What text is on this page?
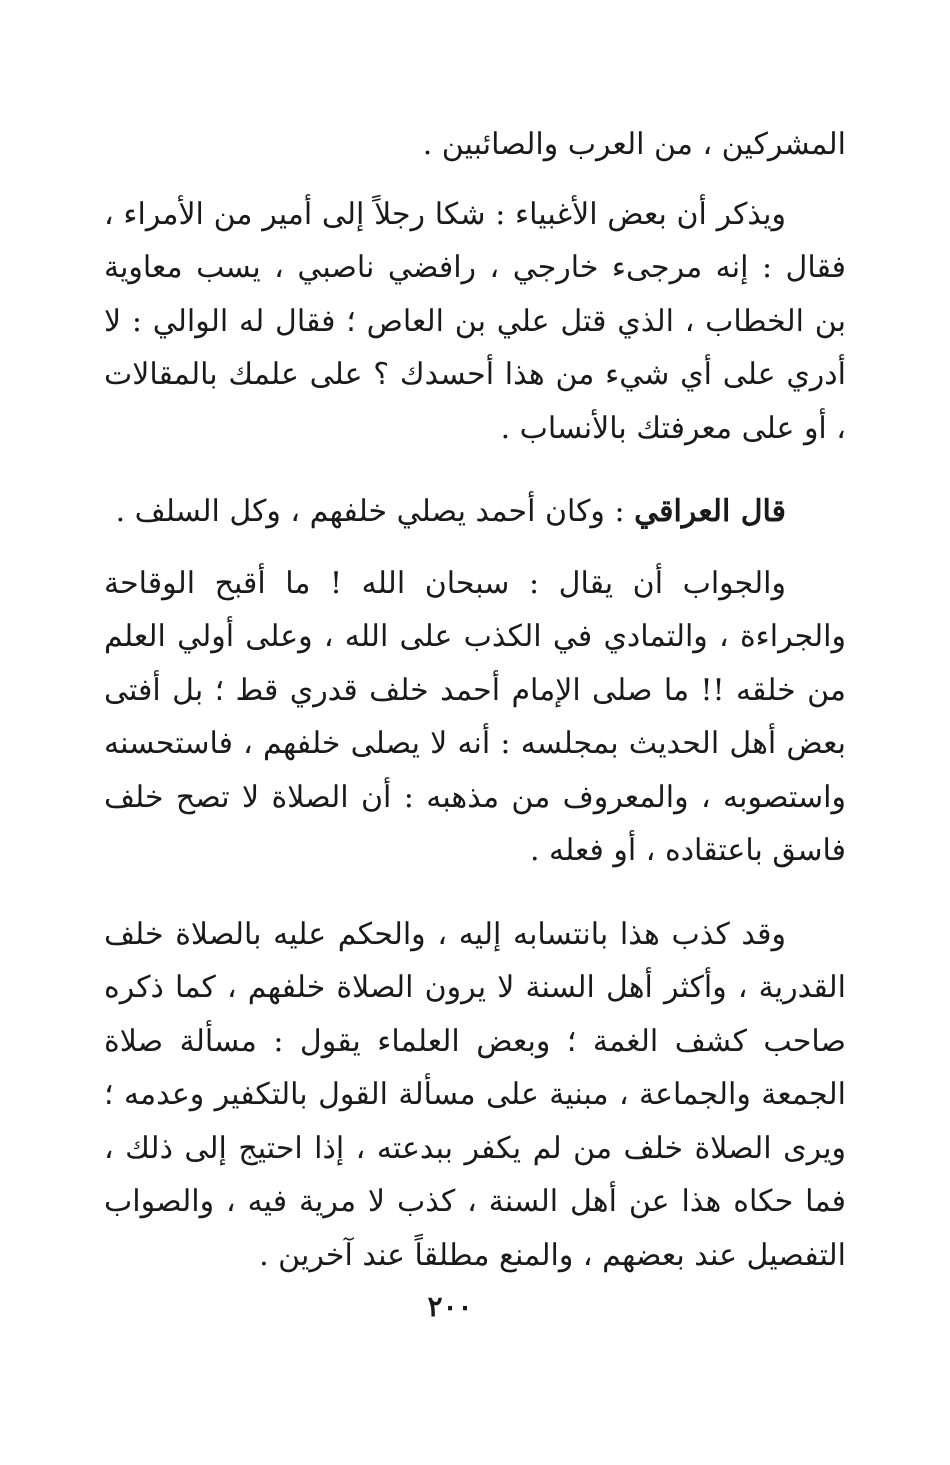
المشركين ، من العرب والصائبين .

ويذكر أن بعض الأغبياء : شكا رجلاً إلى أمير من الأمراء ، فقال : إنه مرجىء خارجي ، رافضي ناصبي ، يسب معاوية بن الخطاب ، الذي قتل علي بن العاص ؛ فقال له الوالي : لا أدري على أي شيء من هذا أحسدك ؟ على علمك بالمقالات ، أو على معرفتك بالأنساب .

قال العراقي : وكان أحمد يصلي خلفهم ، وكل السلف .

والجواب أن يقال : سبحان الله ! ما أقبح الوقاحة والجراءة ، والتمادي في الكذب على الله ، وعلى أولي العلم من خلقه !! ما صلى الإمام أحمد خلف قدري قط ؛ بل أفتى بعض أهل الحديث بمجلسه : أنه لا يصلى خلفهم ، فاستحسنه واستصوبه ، والمعروف من مذهبه : أن الصلاة لا تصح خلف فاسق باعتقاده ، أو فعله .

وقد كذب هذا بانتسابه إليه ، والحكم عليه بالصلاة خلف القدرية ، وأكثر أهل السنة لا يرون الصلاة خلفهم ، كما ذكره صاحب كشف الغمة ؛ وبعض العلماء يقول : مسألة صلاة الجمعة والجماعة ، مبنية على مسألة القول بالتكفير وعدمه ؛ ويرى الصلاة خلف من لم يكفر ببدعته ، إذا احتيج إلى ذلك ، فما حكاه هذا عن أهل السنة ، كذب لا مرية فيه ، والصواب التفصيل عند بعضهم ، والمنع مطلقاً عند آخرين .

٢٠٠
